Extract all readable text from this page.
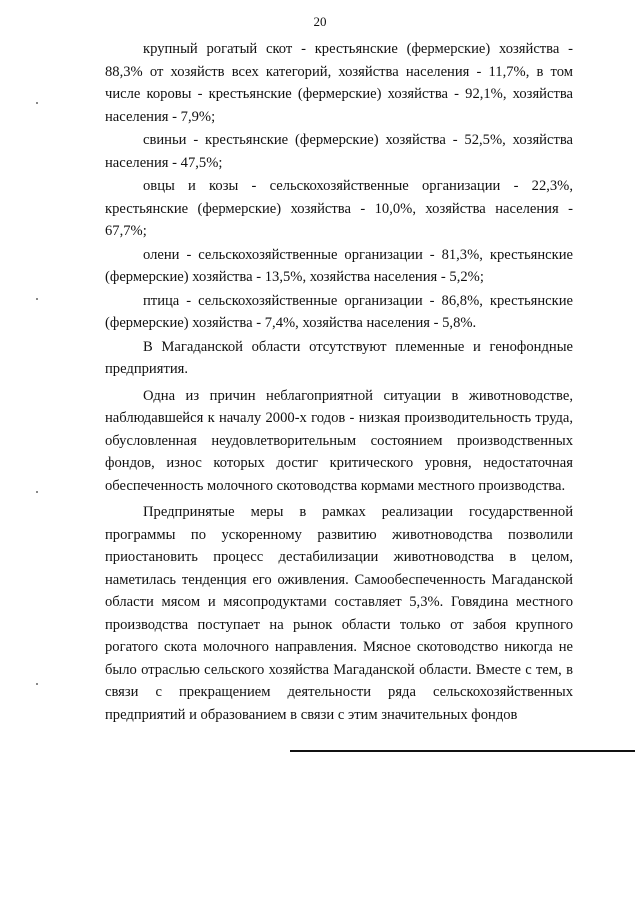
20

крупный рогатый скот - крестьянские (фермерские) хозяйства - 88,3% от хозяйств всех категорий, хозяйства населения - 11,7%, в том числе коровы - крестьянские (фермерские) хозяйства - 92,1%, хозяйства населения - 7,9%;

свиньи - крестьянские (фермерские) хозяйства - 52,5%, хозяйства населения - 47,5%;

овцы и козы - сельскохозяйственные организации - 22,3%, крестьянские (фермерские) хозяйства - 10,0%, хозяйства населения - 67,7%;

олени - сельскохозяйственные организации - 81,3%, крестьянские (фермерские) хозяйства - 13,5%, хозяйства населения - 5,2%;

птица - сельскохозяйственные организации - 86,8%, крестьянские (фермерские) хозяйства - 7,4%, хозяйства населения - 5,8%.

В Магаданской области отсутствуют племенные и генофондные предприятия.

Одна из причин неблагоприятной ситуации в животноводстве, наблюдавшейся к началу 2000-х годов - низкая производительность труда, обусловленная неудовлетворительным состоянием производственных фондов, износ которых достиг критического уровня, недостаточная обеспеченность молочного скотоводства кормами местного производства.

Предпринятые меры в рамках реализации государственной программы по ускоренному развитию животноводства позволили приостановить процесс дестабилизации животноводства в целом, наметилась тенденция его оживления. Самообеспеченность Магаданской области мясом и мясопродуктами составляет 5,3%. Говядина местного производства поступает на рынок области только от забоя крупного рогатого скота молочного направления. Мясное скотоводство никогда не было отраслью сельского хозяйства Магаданской области. Вместе с тем, в связи с прекращением деятельности ряда сельскохозяйственных предприятий и образованием в связи с этим значительных фондов
